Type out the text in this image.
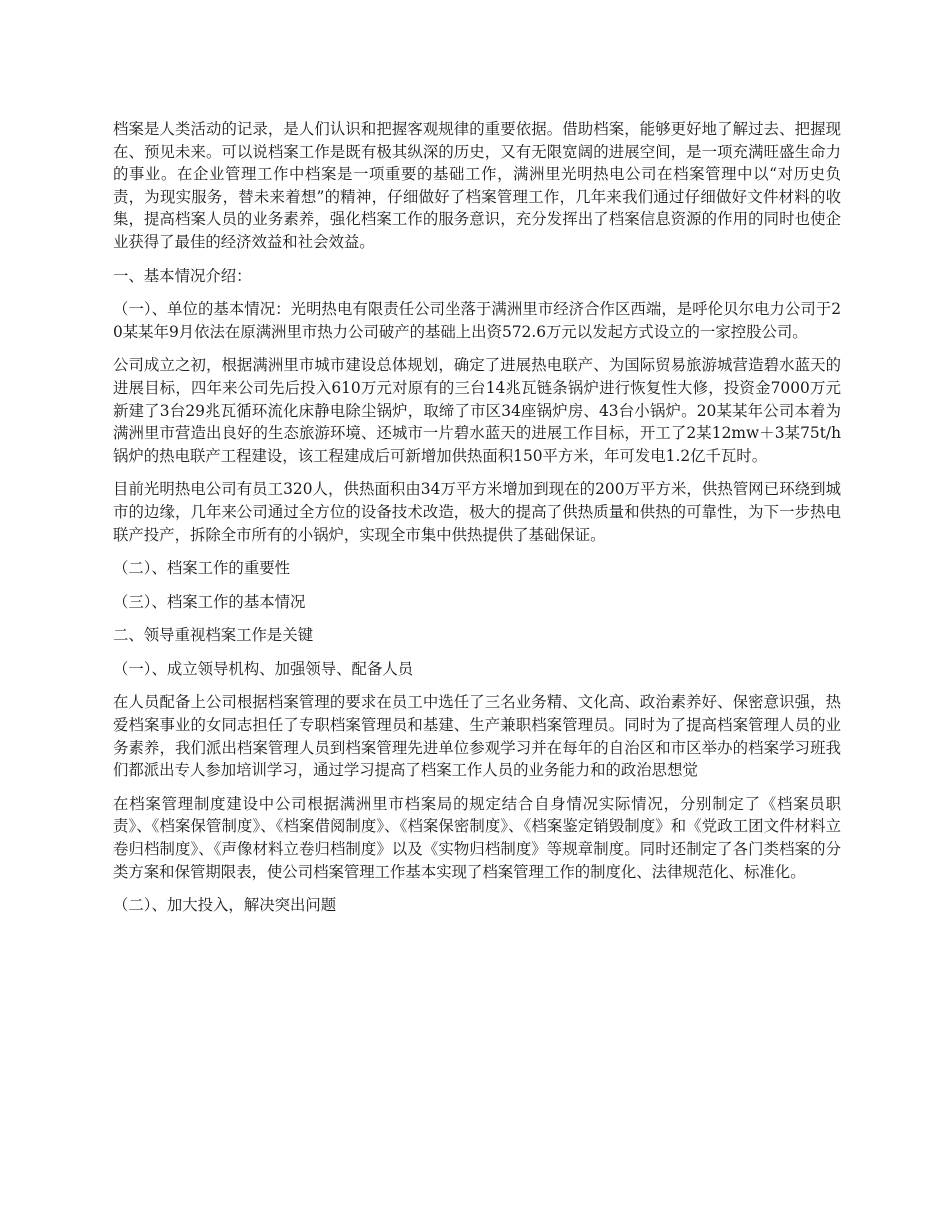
档案是人类活动的记录，是人们认识和把握客观规律的重要依据。借助档案，能够更好地了解过去、把握现在、预见未来。可以说档案工作是既有极其纵深的历史，又有无限宽阔的进展空间，是一项充满旺盛生命力的事业。在企业管理工作中档案是一项重要的基础工作，满洲里光明热电公司在档案管理中以“对历史负责，为现实服务，替未来着想”的精神，仔细做好了档案管理工作，几年来我们通过仔细做好文件材料的收集，提高档案人员的业务素养，强化档案工作的服务意识，充分发挥出了档案信息资源的作用的同时也使企业获得了最佳的经济效益和社会效益。

一、基本情况介绍：

（一）、单位的基本情况：光明热电有限责任公司坐落于满洲里市经济合作区西端，是呼伦贝尔电力公司于20某某年9月依法在原满洲里市热力公司破产的基础上出资572.6万元以发起方式设立的一家控股公司。

公司成立之初，根据满洲里市城市建设总体规划，确定了进展热电联产、为国际贸易旅游城营造碧水蓝天的进展目标，四年来公司先后投入610万元对原有的三台14兆瓦链条锅炉进行恢复性大修，投资金7000万元新建了3台29兆瓦循环流化床静电除尘锅炉，取缔了市区34座锅炉房、43台小锅炉。20某某年公司本着为满洲里市营造出良好的生态旅游环境、还城市一片碧水蓝天的进展工作目标，开工了2某12mw＋3某75t/h锅炉的热电联产工程建设，该工程建成后可新增加供热面积150平方米，年可发电1.2亿千瓦时。

目前光明热电公司有员工320人，供热面积由34万平方米增加到现在的200万平方米，供热管网已环绕到城市的边缘，几年来公司通过全方位的设备技术改造，极大的提高了供热质量和供热的可靠性，为下一步热电联产投产，拆除全市所有的小锅炉，实现全市集中供热提供了基础保证。

（二）、档案工作的重要性

（三）、档案工作的基本情况

二、领导重视档案工作是关键

（一）、成立领导机构、加强领导、配备人员

在人员配备上公司根据档案管理的要求在员工中选任了三名业务精、文化高、政治素养好、保密意识强，热爱档案事业的女同志担任了专职档案管理员和基建、生产兼职档案管理员。同时为了提高档案管理人员的业务素养，我们派出档案管理人员到档案管理先进单位参观学习并在每年的自治区和市区举办的档案学习班我们都派出专人参加培训学习，通过学习提高了档案工作人员的业务能力和的政治思想觉

在档案管理制度建设中公司根据满洲里市档案局的规定结合自身情况实际情况，分别制定了《档案员职责》、《档案保管制度》、《档案借阅制度》、《档案保密制度》、《档案鉴定销毁制度》和《党政工团文件材料立卷归档制度》、《声像材料立卷归档制度》以及《实物归档制度》等规章制度。同时还制定了各门类档案的分类方案和保管期限表，使公司档案管理工作基本实现了档案管理工作的制度化、法律规范化、标准化。

（二）、加大投入，解决突出问题
